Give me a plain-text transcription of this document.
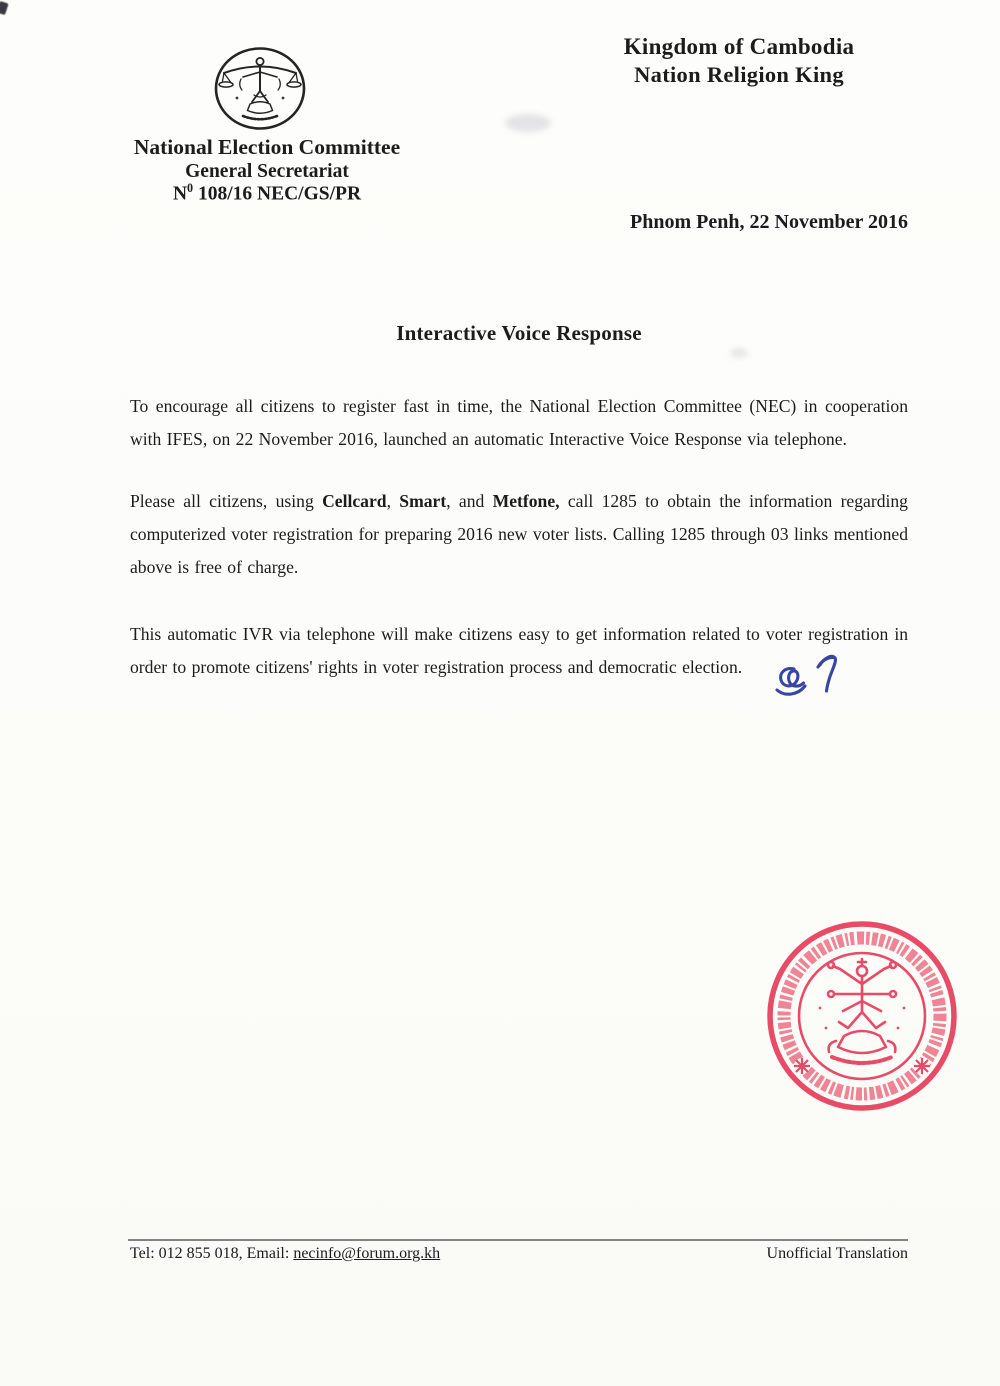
Kingdom of Cambodia
Nation Religion King
National Election Committee
General Secretariat
$N^0$ 108/16 NEC/GS/PR
Phnom Penh, 22 November 2016
Interactive Voice Response
To encourage all citizens to register fast in time, the National Election Committee (NEC) in cooperation with IFES, on 22 November 2016, launched an automatic Interactive Voice Response via telephone.
Please all citizens, using Cellcard, Smart, and Metfone, call 1285 to obtain the information regarding computerized voter registration for preparing 2016 new voter lists. Calling 1285 through 03 links mentioned above is free of charge.
This automatic IVR via telephone will make citizens easy to get information related to voter registration in order to promote citizens' rights in voter registration process and democratic election.
Tel: 012 855 018, Email: necinfo@forum.org.kh	Unofficial Translation
